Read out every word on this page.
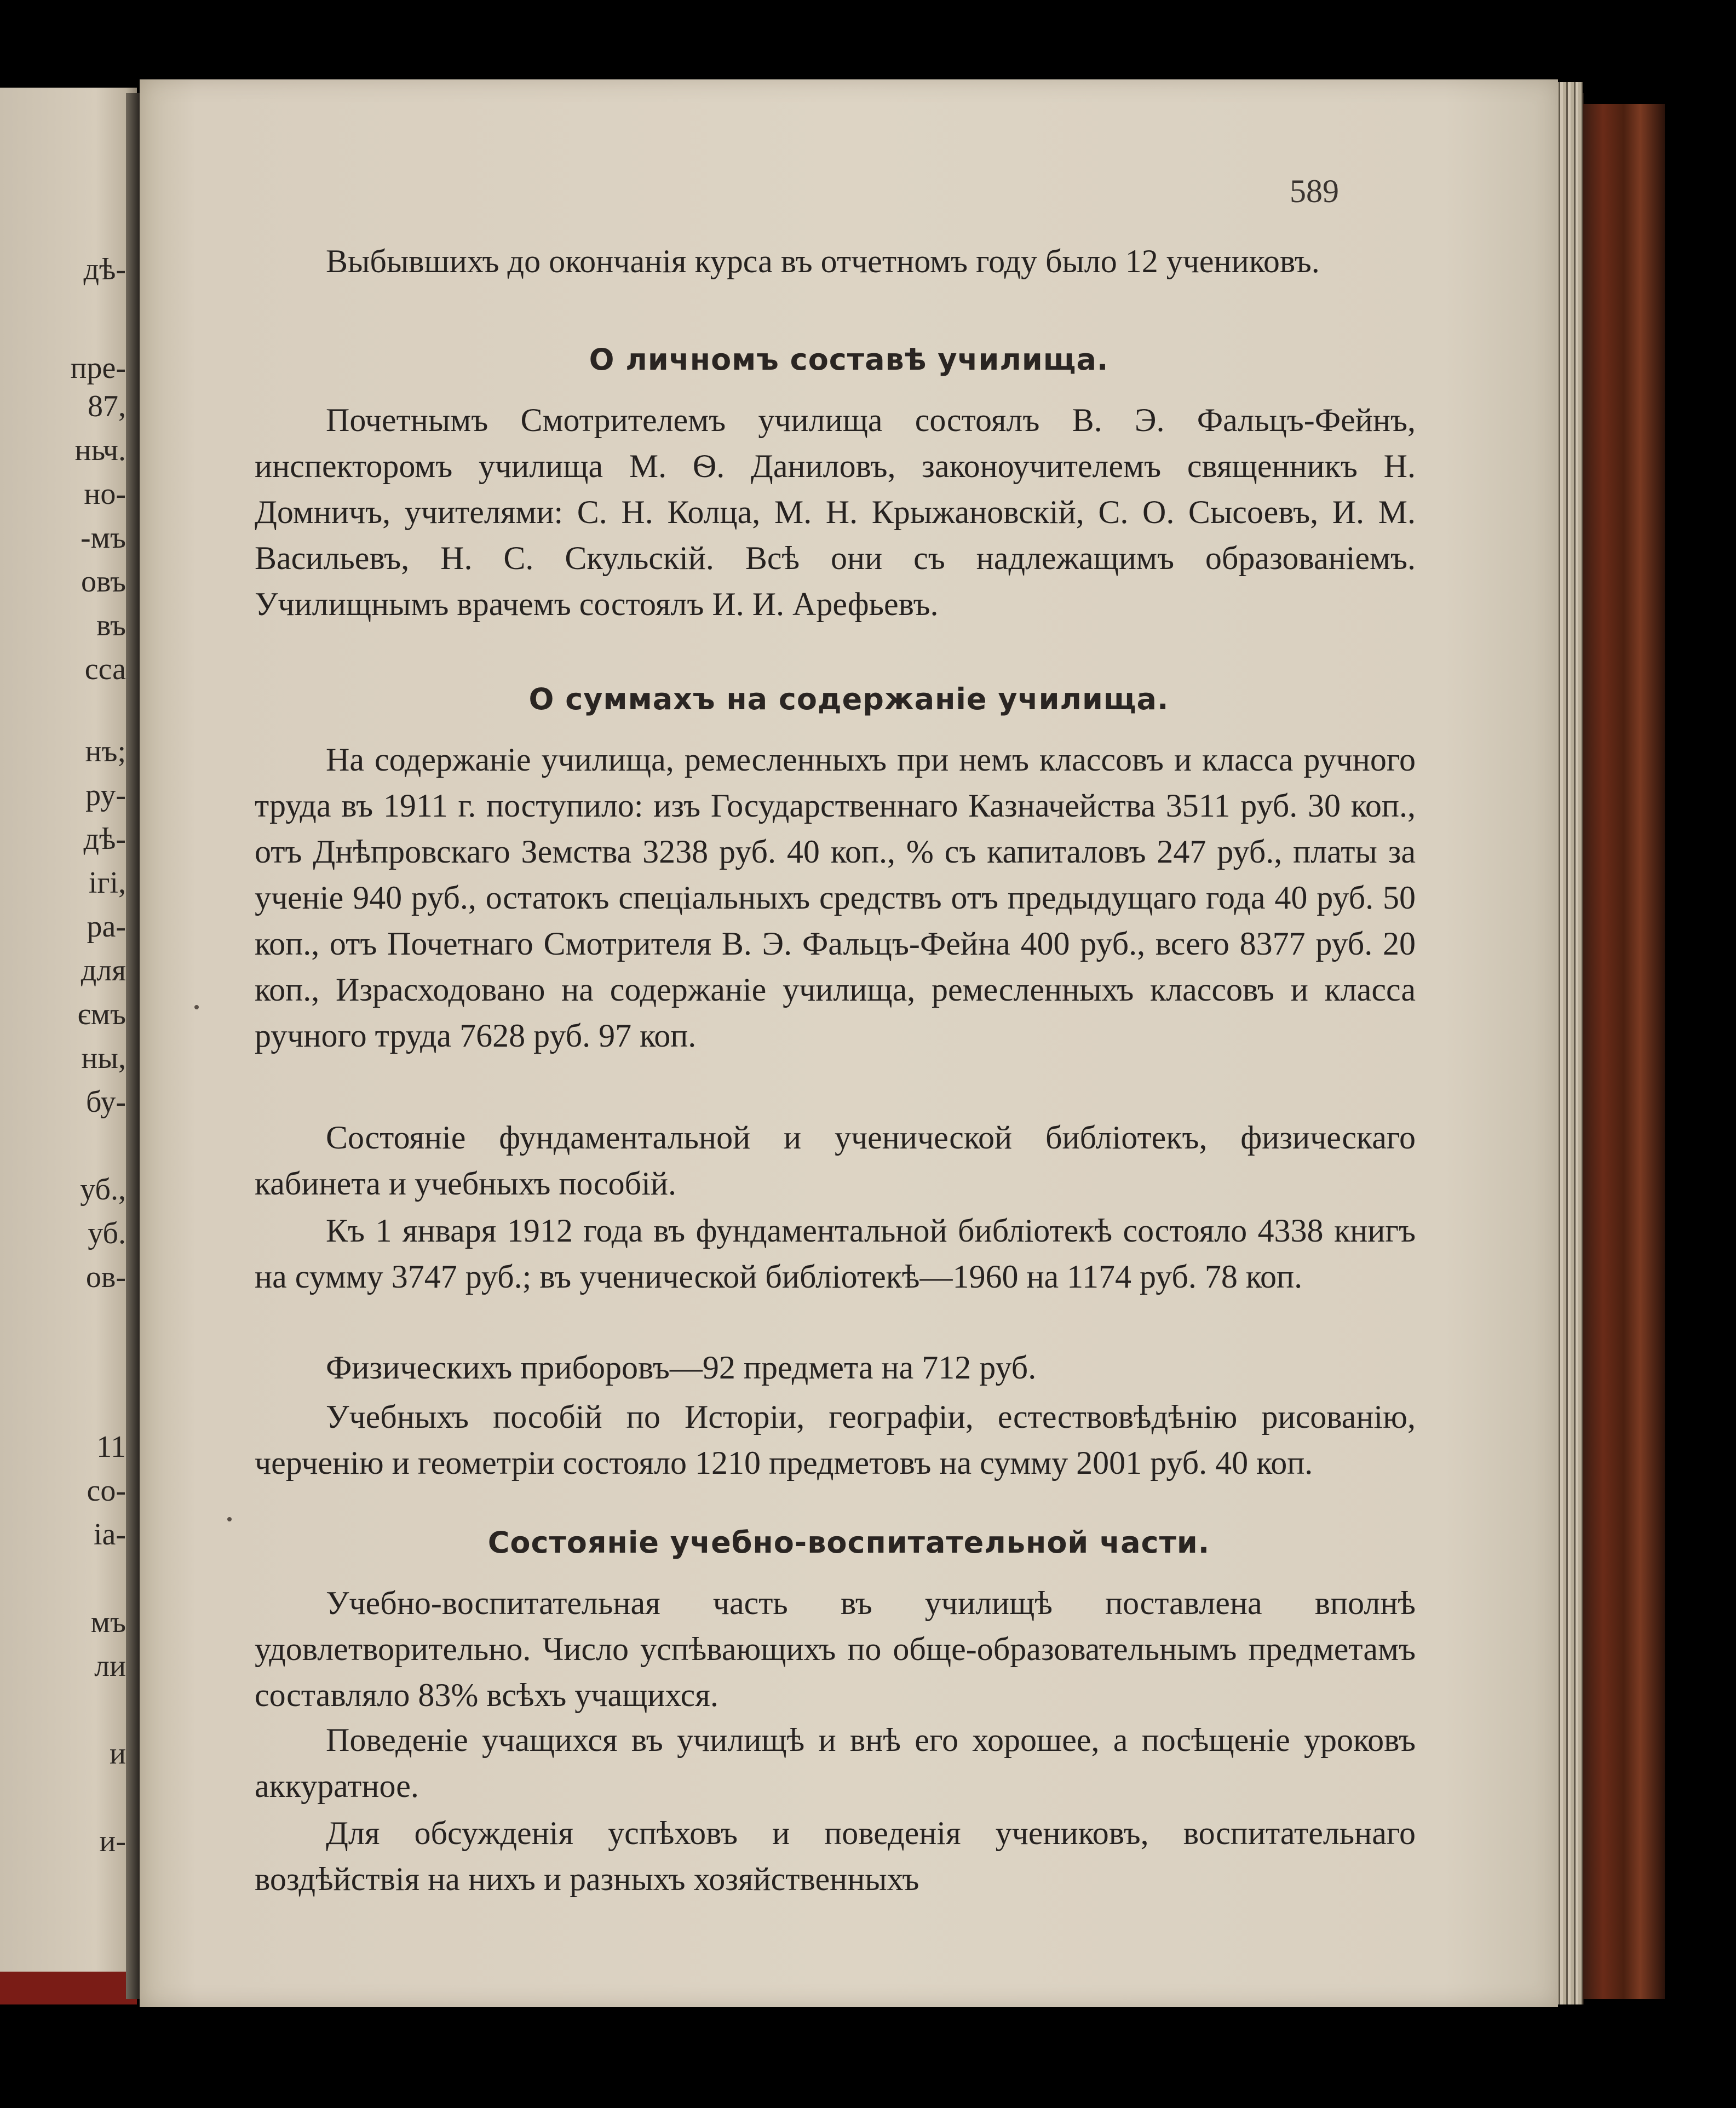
дѣ-
пре-
87,
ньч.
но-
-мъ
овъ
въ
сса
нъ;
ру-
дѣ-
ігі,
ра-
для
ємъ
ны,
бу-
уб.,
уб.
ов-
11
со-
іа-
мъ
ли
и
и-
589

Выбывшихъ до окончанія курса въ отчетномъ году было 12 учениковъ.

О личномъ составѣ училища.

Почетнымъ Смотрителемъ училища состоялъ В. Э. Фальцъ-Фейнъ, инспекторомъ училища М. Ѳ. Даниловъ, законоучителемъ священникъ Н. Домничъ, учителями: С. Н. Колца, М. Н. Крыжановскій, С. О. Сысоевъ, И. М. Васильевъ, Н. С. Скульскій. Всѣ они съ надлежащимъ образованіемъ. Училищнымъ врачемъ состоялъ И. И. Арефьевъ.

О суммахъ на содержаніе училища.

На содержаніе училища, ремесленныхъ при немъ классовъ и класса ручного труда въ 1911 г. поступило: изъ Государственнаго Казначейства 3511 руб. 30 коп., отъ Днѣпровскаго Земства 3238 руб. 40 коп., % съ капиталовъ 247 руб., платы за ученіе 940 руб., остатокъ спеціальныхъ средствъ отъ предыдущаго года 40 руб. 50 коп., отъ Почетнаго Смотрителя В. Э. Фальцъ-Фейна 400 руб., всего 8377 руб. 20 коп., Израсходовано на содержаніе училища, ремесленныхъ классовъ и класса ручного труда 7628 руб. 97 коп.

Состояніе фундаментальной и ученической библіотекъ, физическаго кабинета и учебныхъ пособій.

Къ 1 января 1912 года въ фундаментальной библіотекѣ состояло 4338 книгъ на сумму 3747 руб.; въ ученической библіотекѣ—1960 на 1174 руб. 78 коп.

Физическихъ приборовъ—92 предмета на 712 руб.

Учебныхъ пособій по Исторіи, географіи, естествовѣдѣнію рисованію, черченію и геометріи состояло 1210 предметовъ на сумму 2001 руб. 40 коп.

Состояніе учебно-воспитательной части.

Учебно-воспитательная часть въ училищѣ поставлена вполнѣ удовлетворительно. Число успѣвающихъ по обще-образовательнымъ предметамъ составляло 83% всѣхъ учащихся.

Поведеніе учащихся въ училищѣ и внѣ его хорошее, а посѣщеніе уроковъ аккуратное.

Для обсужденія успѣховъ и поведенія учениковъ, воспитательнаго воздѣйствія на нихъ и разныхъ хозяйственныхъ
